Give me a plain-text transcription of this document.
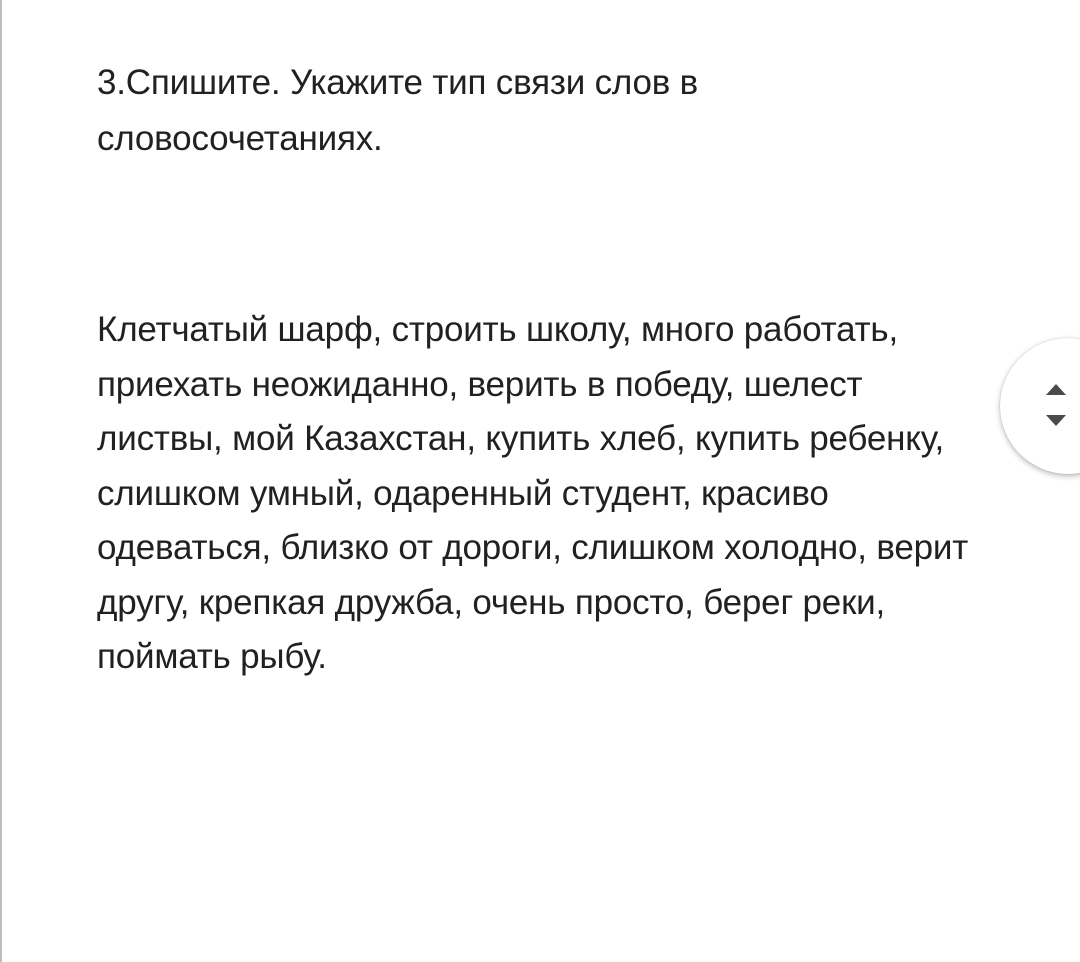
3.Спишите. Укажите тип связи слов в словосочетаниях.

Клетчатый шарф, строить школу, много работать, приехать неожиданно, верить в победу, шелест листвы, мой Казахстан, купить хлеб, купить ребенку, слишком умный, одаренный студент, красиво одеваться, близко от дороги, слишком холодно, верит другу, крепкая дружба, очень просто, берег реки, поймать рыбу.
